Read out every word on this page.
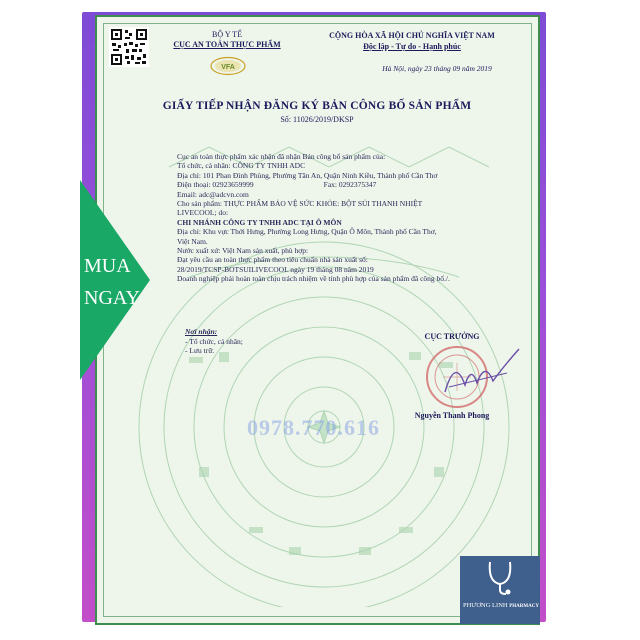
BỘ Y TẾ
CỤC AN TOÀN THỰC PHẨM
VFA
CỘNG HÒA XÃ HỘI CHỦ NGHĨA VIỆT NAM
Độc lập - Tự do - Hạnh phúc
Hà Nội, ngày 23 tháng 09 năm 2019
GIẤY TIẾP NHẬN ĐĂNG KÝ BẢN CÔNG BỐ SẢN PHẨM
Số: 11026/2019/DKSP
Cục an toàn thực phẩm xác nhận đã nhận Bản công bố sản phẩm của:
Tổ chức, cá nhân: CÔNG TY TNHH ADC
Địa chỉ: 101 Phan Đình Phùng, Phường Tân An, Quận Ninh Kiều, Thành phố Cần Thơ
Điện thoại: 02923659999	Fax: 0292375347
Email: adc@adcvn.com
Cho sản phẩm: THỰC PHẨM BẢO VỆ SỨC KHỎE: BỘT SỦI THANH NHIỆT
LIVECOOL; do:
CHI NHÁNH CÔNG TY TNHH ADC TẠI Ô MÔN
Địa chỉ: Khu vực Thới Hưng, Phường Long Hưng, Quận Ô Môn, Thành phố Cần Thơ,
Việt Nam.
Nước xuất xứ: Việt Nam sản xuất, phù hợp:
Đạt yêu cầu an toàn thực phẩm theo tiêu chuẩn nhà sản xuất số:
28/2019/TCSP-BOTSUILIVECOOL ngày 19 tháng 08 năm 2019
Doanh nghiệp phải hoàn toàn chịu trách nhiệm về tính phù hợp của sản phẩm đã công bố./.
Nơi nhận:
- Tổ chức, cá nhân;
- Lưu trữ.
CỤC TRƯỞNG
Nguyễn Thanh Phong
0978.770.616
MUA
NGAY
PHƯƠNG LINH PHARMACY
